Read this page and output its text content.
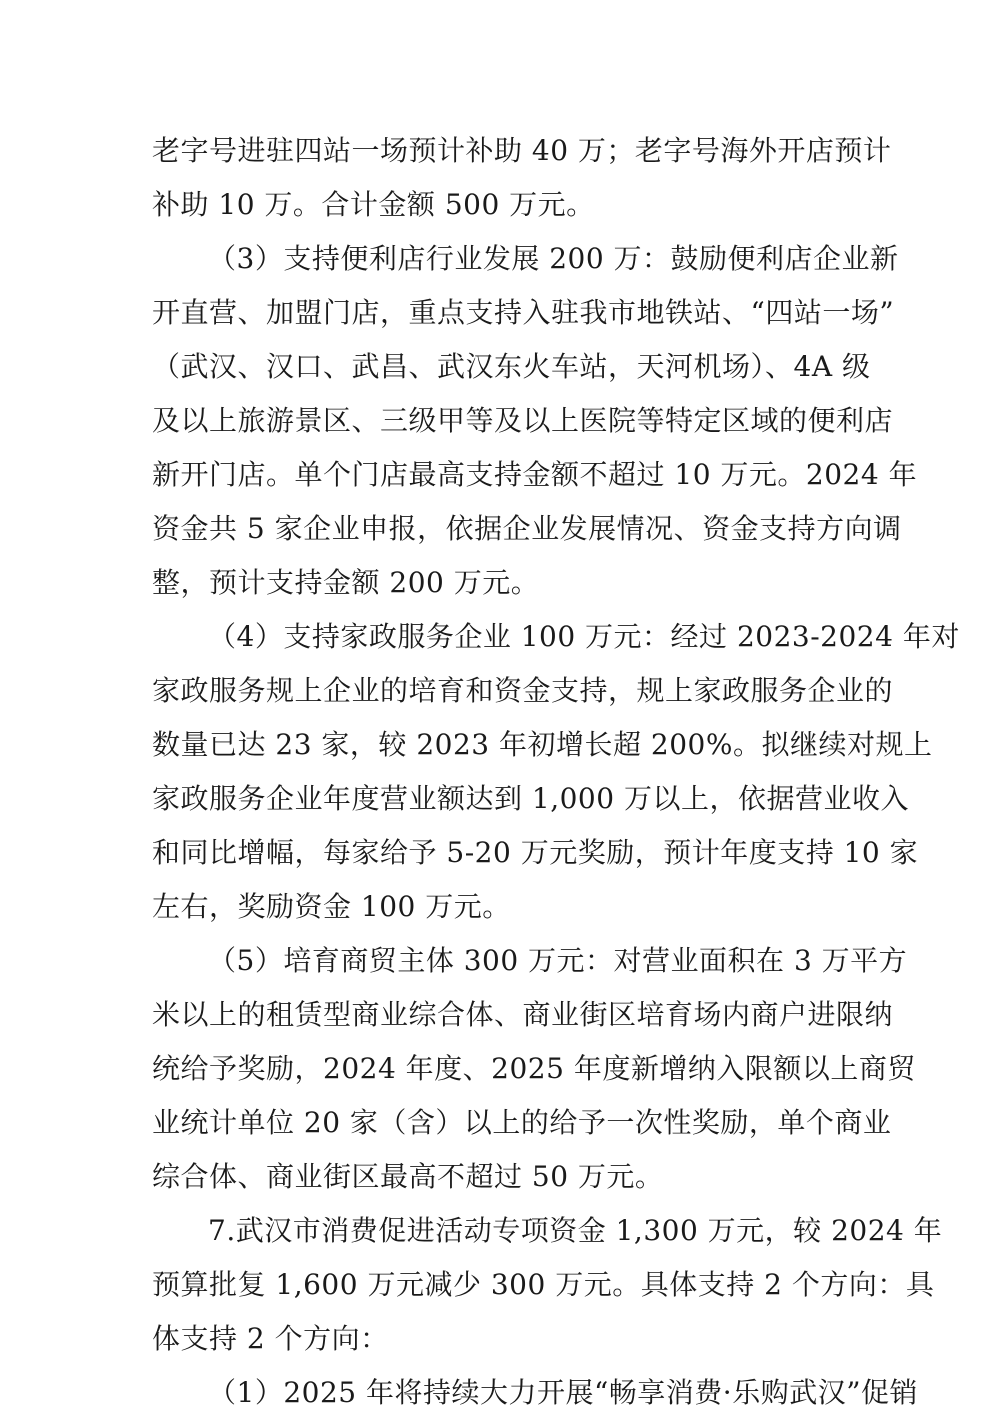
老字号进驻四站一场预计补助 40 万；老字号海外开店预计
补助 10 万。合计金额 500 万元。
（3）支持便利店行业发展 200 万：鼓励便利店企业新
开直营、加盟门店，重点支持入驻我市地铁站、“四站一场”
（武汉、汉口、武昌、武汉东火车站，天河机场）、4A 级
及以上旅游景区、三级甲等及以上医院等特定区域的便利店
新开门店。单个门店最高支持金额不超过 10 万元。2024 年
资金共 5 家企业申报，依据企业发展情况、资金支持方向调
整，预计支持金额 200 万元。
（4）支持家政服务企业 100 万元：经过 2023-2024 年对
家政服务规上企业的培育和资金支持，规上家政服务企业的
数量已达 23 家，较 2023 年初增长超 200%。拟继续对规上
家政服务企业年度营业额达到 1,000 万以上，依据营业收入
和同比增幅，每家给予 5-20 万元奖励，预计年度支持 10 家
左右，奖励资金 100 万元。
（5）培育商贸主体 300 万元：对营业面积在 3 万平方
米以上的租赁型商业综合体、商业街区培育场内商户进限纳
统给予奖励，2024 年度、2025 年度新增纳入限额以上商贸
业统计单位 20 家（含）以上的给予一次性奖励，单个商业
综合体、商业街区最高不超过 50 万元。
7.武汉市消费促进活动专项资金 1,300 万元，较 2024 年
预算批复 1,600 万元减少 300 万元。具体支持 2 个方向：具
体支持 2 个方向：
（1）2025 年将持续大力开展“畅享消费·乐购武汉”促销
